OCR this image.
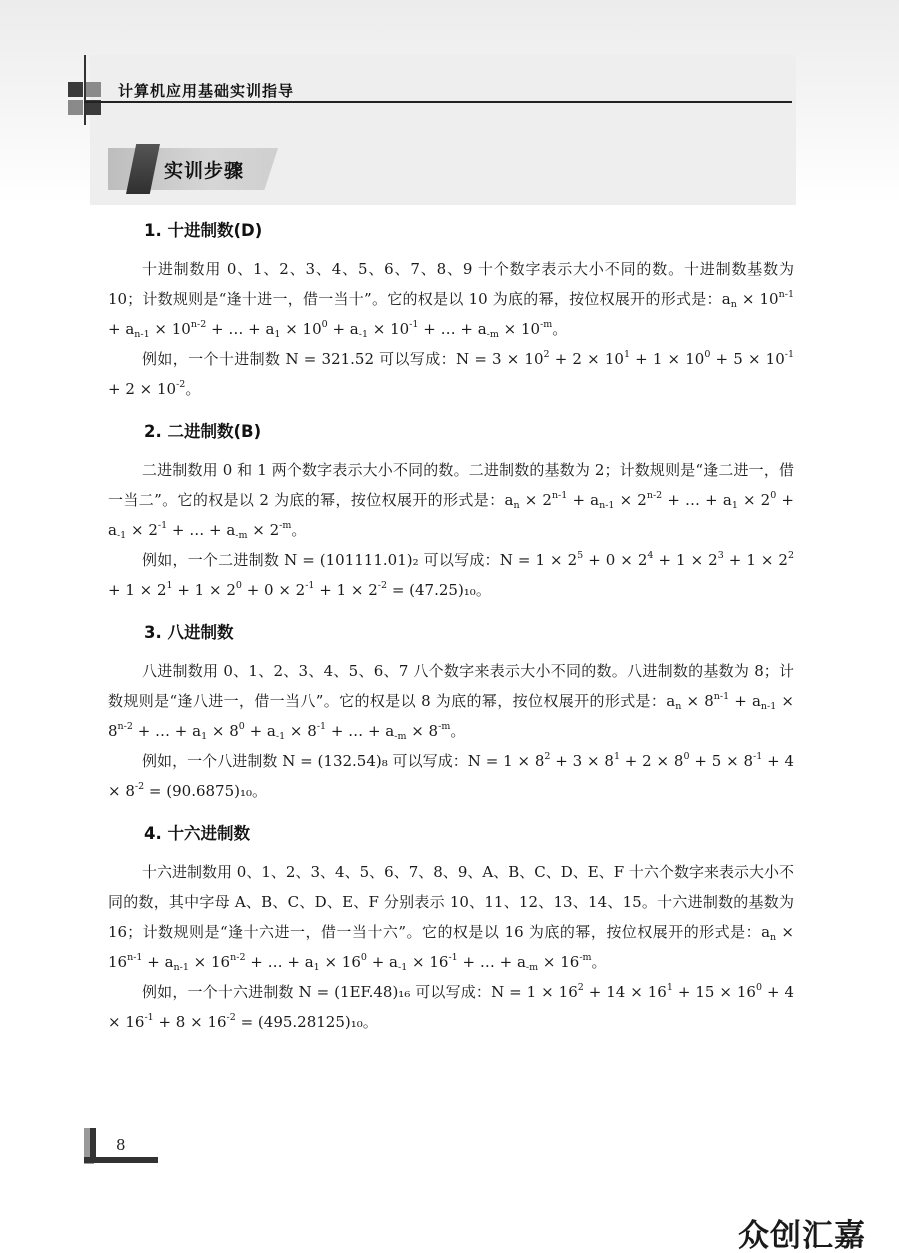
计算机应用基础实训指导
实训步骤
1. 十进制数(D)

十进制数用 0、1、2、3、4、5、6、7、8、9 十个数字表示大小不同的数。十进制数基数为 10；计数规则是“逢十进一，借一当十”。它的权是以 10 为底的幂，按位权展开的形式是：$a_n \times 10^{n-1} + a_{n-1} \times 10^{n-2}$ + … + $a_1 \times 10^0 + a_{-1} \times 10^{-1}$ + … + $a_{-m} \times 10^{-m}$。

例如，一个十进制数 N = 321.52 可以写成：$N = 3 \times 10^2 + 2 \times 10^1 + 1 \times 10^0 + 5 \times 10^{-1} + 2 \times 10^{-2}$。

2. 二进制数(B)

二进制数用 0 和 1 两个数字表示大小不同的数。二进制数的基数为 2；计数规则是“逢二进一，借一当二”。它的权是以 2 为底的幂，按位权展开的形式是：$a_n \times 2^{n-1} + a_{n-1} \times 2^{n-2}$ + … + $a_1 \times 2^0 + a_{-1} \times 2^{-1}$ + … + $a_{-m} \times 2^{-m}$。

例如，一个二进制数 N = (101111.01)₂ 可以写成：$N = 1 \times 2^5 + 0 \times 2^4 + 1 \times 2^3 + 1 \times 2^2 + 1 \times 2^1 + 1 \times 2^0 + 0 \times 2^{-1} + 1 \times 2^{-2} = (47.25)_{10}$。

3. 八进制数

八进制数用 0、1、2、3、4、5、6、7 八个数字来表示大小不同的数。八进制数的基数为 8；计数规则是“逢八进一，借一当八”。它的权是以 8 为底的幂，按位权展开的形式是：$a_n \times 8^{n-1} + a_{n-1} \times 8^{n-2}$ + … + $a_1 \times 8^0 + a_{-1} \times 8^{-1}$ + … + $a_{-m} \times 8^{-m}$。

例如，一个八进制数 N = (132.54)₈ 可以写成：$N = 1 \times 8^2 + 3 \times 8^1 + 2 \times 8^0 + 5 \times 8^{-1} + 4 \times 8^{-2} = (90.6875)_{10}$。

4. 十六进制数

十六进制数用 0、1、2、3、4、5、6、7、8、9、A、B、C、D、E、F 十六个数字来表示大小不同的数，其中字母 A、B、C、D、E、F 分别表示 10、11、12、13、14、15。十六进制数的基数为 16；计数规则是“逢十六进一，借一当十六”。它的权是以 16 为底的幂，按位权展开的形式是：$a_n \times 16^{n-1} + a_{n-1} \times 16^{n-2}$ + … + $a_1 \times 16^0 + a_{-1} \times 16^{-1}$ + … + $a_{-m} \times 16^{-m}$。

例如，一个十六进制数 N = (1EF.48)₁₆ 可以写成：$N = 1 \times 16^2 + 14 \times 16^1 + 15 \times 16^0 + 4 \times 16^{-1} + 8 \times 16^{-2} = (495.28125)_{10}$。

8
众创汇嘉
